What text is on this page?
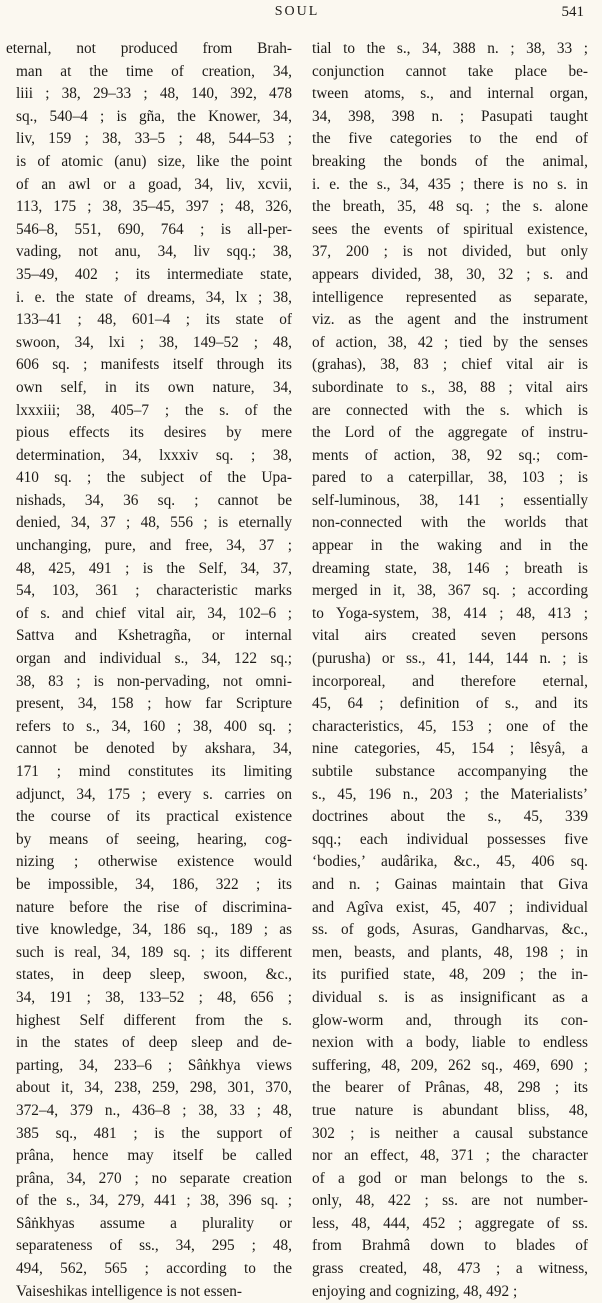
SOUL	541
eternal, not produced from Brah-
man at the time of creation, 34,
liii ; 38, 29–33 ; 48, 140, 392, 478
sq., 540–4 ; is gña, the Knower, 34,
liv, 159 ; 38, 33–5 ; 48, 544–53 ;
is of atomic (anu) size, like the point
of an awl or a goad, 34, liv, xcvii,
113, 175 ; 38, 35–45, 397 ; 48, 326,
546–8, 551, 690, 764 ; is all-per-
vading, not anu, 34, liv sqq.; 38,
35–49, 402 ; its intermediate state,
i. e. the state of dreams, 34, lx ; 38,
133–41 ; 48, 601–4 ; its state of
swoon, 34, lxi ; 38, 149–52 ; 48,
606 sq. ; manifests itself through its
own self, in its own nature, 34,
lxxxiii; 38, 405–7 ; the s. of the
pious effects its desires by mere
determination, 34, lxxxiv sq. ; 38,
410 sq. ; the subject of the Upa-
nishads, 34, 36 sq. ; cannot be
denied, 34, 37 ; 48, 556 ; is eternally
unchanging, pure, and free, 34, 37 ;
48, 425, 491 ; is the Self, 34, 37,
54, 103, 361 ; characteristic marks
of s. and chief vital air, 34, 102–6 ;
Sattva and Kshetragña, or internal
organ and individual s., 34, 122 sq.;
38, 83 ; is non-pervading, not omni-
present, 34, 158 ; how far Scripture
refers to s., 34, 160 ; 38, 400 sq. ;
cannot be denoted by akshara, 34,
171 ; mind constitutes its limiting
adjunct, 34, 175 ; every s. carries on
the course of its practical existence
by means of seeing, hearing, cog-
nizing ; otherwise existence would
be impossible, 34, 186, 322 ; its
nature before the rise of discrimina-
tive knowledge, 34, 186 sq., 189 ; as
such is real, 34, 189 sq. ; its different
states, in deep sleep, swoon, &c.,
34, 191 ; 38, 133–52 ; 48, 656 ;
highest Self different from the s.
in the states of deep sleep and de-
parting, 34, 233–6 ; Sâṅkhya views
about it, 34, 238, 259, 298, 301, 370,
372–4, 379 n., 436–8 ; 38, 33 ; 48,
385 sq., 481 ; is the support of
prâna, hence may itself be called
prâna, 34, 270 ; no separate creation
of the s., 34, 279, 441 ; 38, 396 sq. ;
Sâṅkhyas assume a plurality or
separateness of ss., 34, 295 ; 48,
494, 562, 565 ; according to the
Vaiseshikas intelligence is not essen-
tial to the s., 34, 388 n. ; 38, 33 ;
conjunction cannot take place be-
tween atoms, s., and internal organ,
34, 398, 398 n. ; Pasupati taught
the five categories to the end of
breaking the bonds of the animal,
i. e. the s., 34, 435 ; there is no s. in
the breath, 35, 48 sq. ; the s. alone
sees the events of spiritual existence,
37, 200 ; is not divided, but only
appears divided, 38, 30, 32 ; s. and
intelligence represented as separate,
viz. as the agent and the instrument
of action, 38, 42 ; tied by the senses
(grahas), 38, 83 ; chief vital air is
subordinate to s., 38, 88 ; vital airs
are connected with the s. which is
the Lord of the aggregate of instru-
ments of action, 38, 92 sq.; com-
pared to a caterpillar, 38, 103 ; is
self-luminous, 38, 141 ; essentially
non-connected with the worlds that
appear in the waking and in the
dreaming state, 38, 146 ; breath is
merged in it, 38, 367 sq. ; according
to Yoga-system, 38, 414 ; 48, 413 ;
vital airs created seven persons
(purusha) or ss., 41, 144, 144 n. ; is
incorporeal, and therefore eternal,
45, 64 ; definition of s., and its
characteristics, 45, 153 ; one of the
nine categories, 45, 154 ; lêsyâ, a
subtile substance accompanying the
s., 45, 196 n., 203 ; the Materialists’
doctrines about the s., 45, 339
sqq.; each individual possesses five
‘bodies,’ audârika, &c., 45, 406 sq.
and n. ; Gainas maintain that Giva
and Agîva exist, 45, 407 ; individual
ss. of gods, Asuras, Gandharvas, &c.,
men, beasts, and plants, 48, 198 ; in
its purified state, 48, 209 ; the in-
dividual s. is as insignificant as a
glow-worm and, through its con-
nexion with a body, liable to endless
suffering, 48, 209, 262 sq., 469, 690 ;
the bearer of Prânas, 48, 298 ; its
true nature is abundant bliss, 48,
302 ; is neither a causal substance
nor an effect, 48, 371 ; the character
of a god or man belongs to the s.
only, 48, 422 ; ss. are not number-
less, 48, 444, 452 ; aggregate of ss.
from Brahmâ down to blades of
grass created, 48, 473 ; a witness,
enjoying and cognizing, 48, 492 ;
